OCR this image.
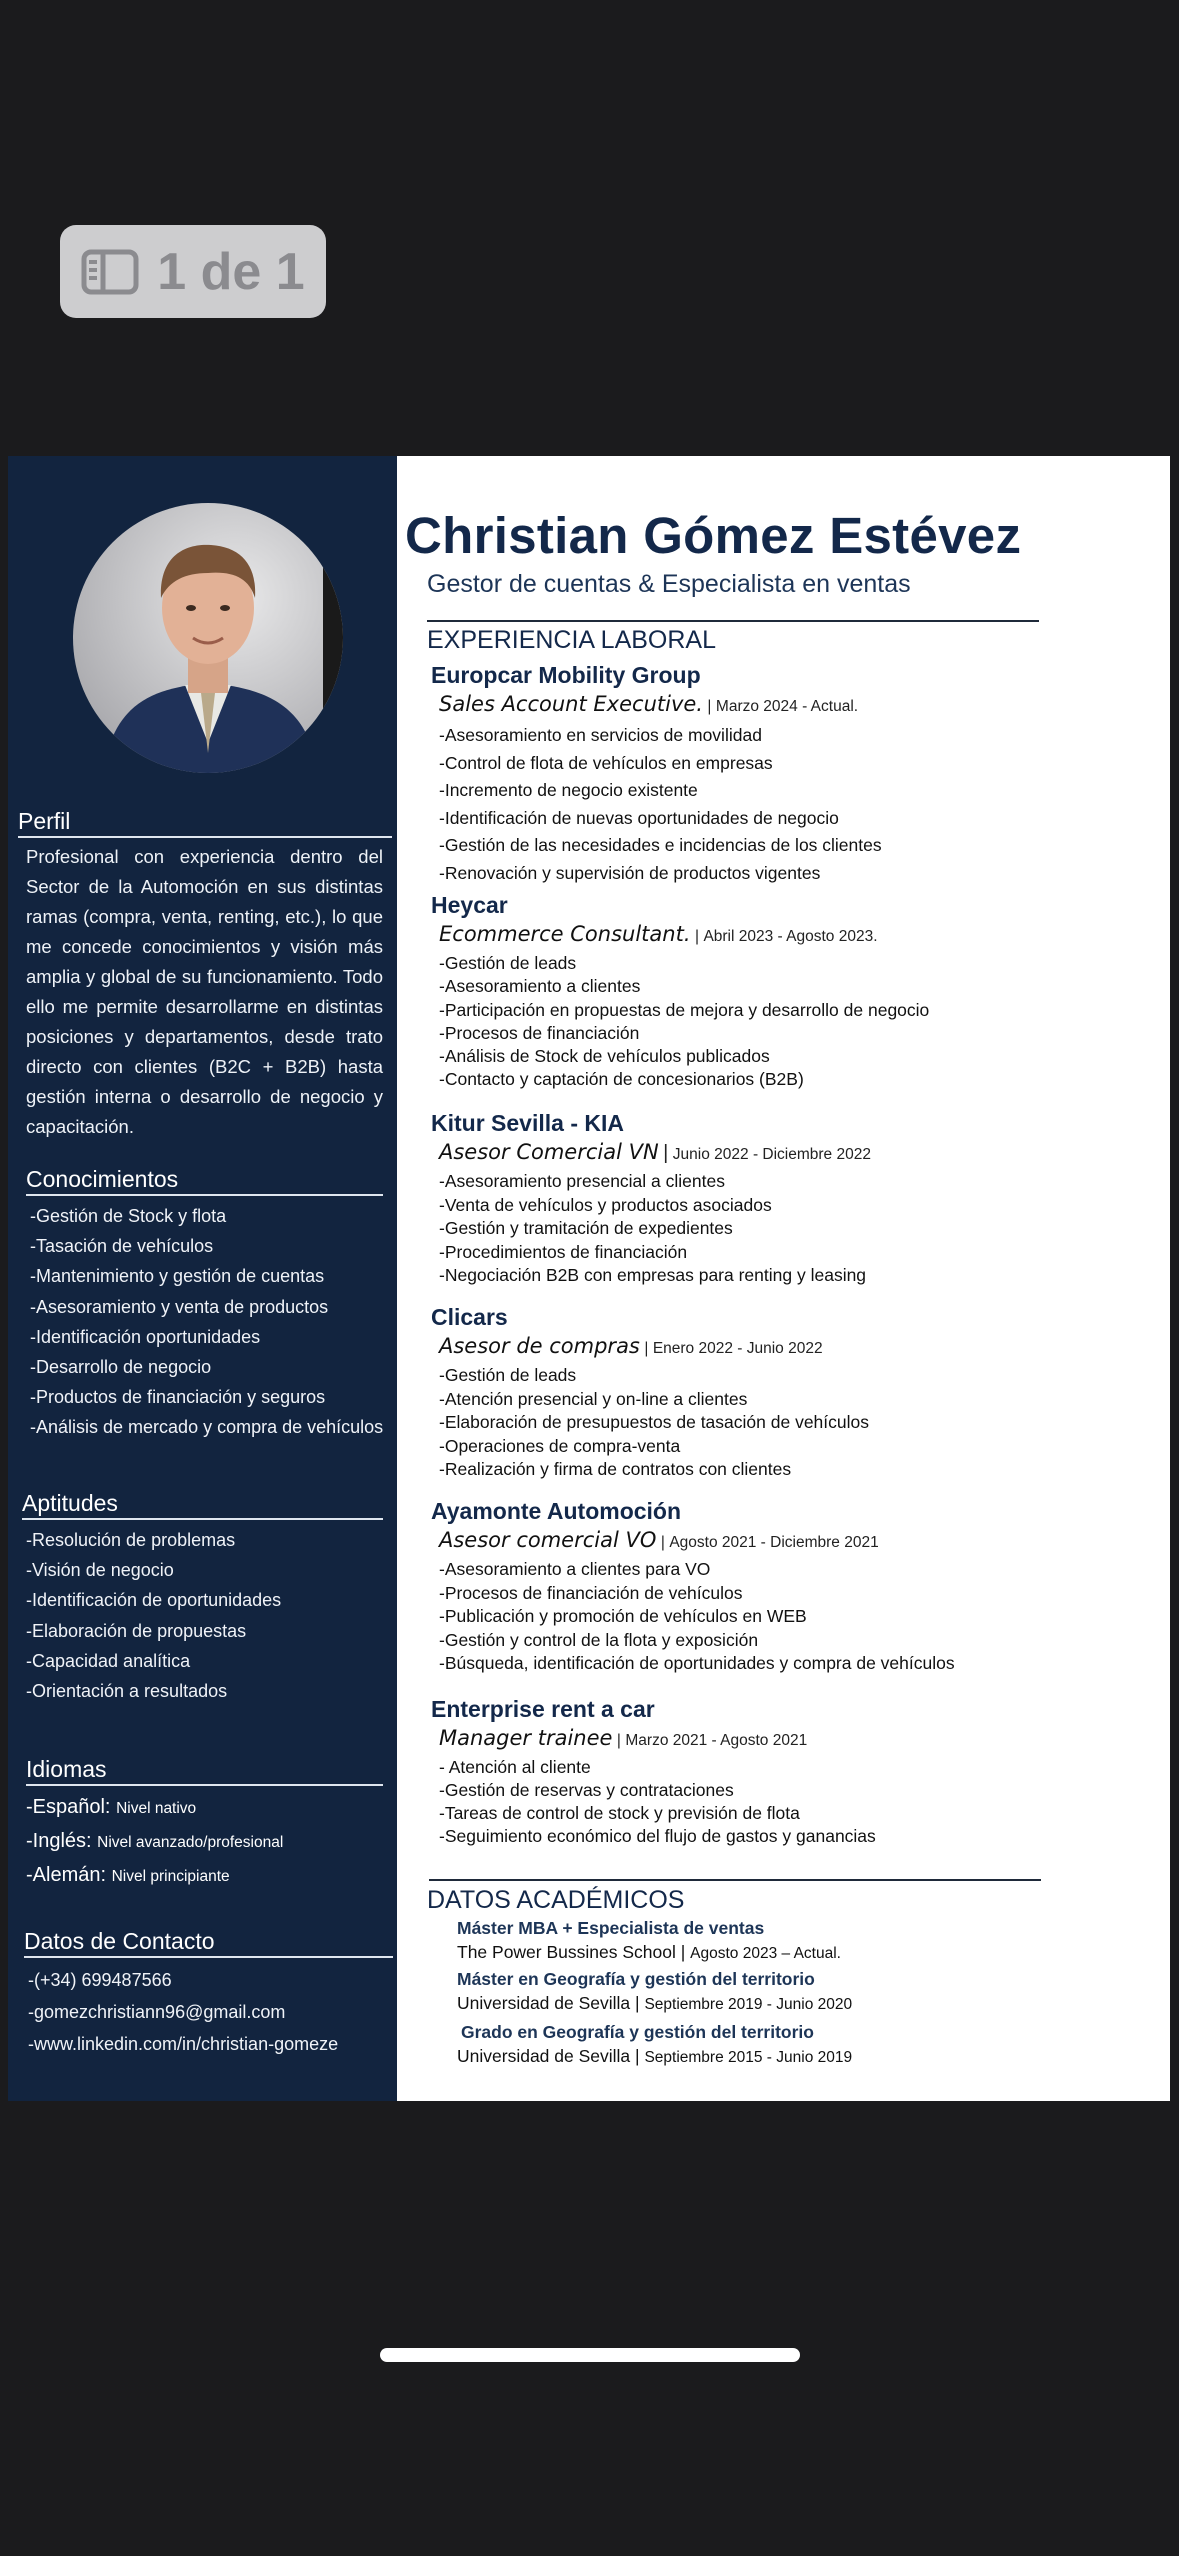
1 de 1
Perfil
Profesional con experiencia dentro del Sector de la Automoción en sus distintas ramas (compra, venta, renting, etc.), lo que me concede conocimientos y visión más amplia y global de su funcionamiento. Todo ello me permite desarrollarme en distintas posiciones y departamentos, desde trato directo con clientes (B2C + B2B) hasta gestión interna o desarrollo de negocio y capacitación.
Conocimientos
-Gestión de Stock y flota
-Tasación de vehículos
-Mantenimiento y gestión de cuentas
-Asesoramiento y venta de productos
-Identificación oportunidades
-Desarrollo de negocio
-Productos de financiación y seguros
-Análisis de mercado y compra de vehículos
Aptitudes
-Resolución de problemas
-Visión de negocio
-Identificación de oportunidades
-Elaboración de propuestas
-Capacidad analítica
-Orientación a resultados
Idiomas
-Español: Nivel nativo
-Inglés: Nivel avanzado/profesional
-Alemán: Nivel principiante
Datos de Contacto
-(+34) 699487566
-gomezchristiann96@gmail.com
-www.linkedin.com/in/christian-gomeze
Christian Gómez Estévez
Gestor de cuentas & Especialista en ventas
EXPERIENCIA LABORAL
Europcar Mobility Group
Sales Account Executive. | Marzo 2024 - Actual.
-Asesoramiento en servicios de movilidad
-Control de flota de vehículos en empresas
-Incremento de negocio existente
-Identificación de nuevas oportunidades de negocio
-Gestión de las necesidades e incidencias de los clientes
-Renovación y supervisión de productos vigentes
Heycar
Ecommerce Consultant. | Abril 2023 - Agosto 2023.
-Gestión de leads
-Asesoramiento a clientes
-Participación en propuestas de mejora y desarrollo de negocio
-Procesos de financiación
-Análisis de Stock de vehículos publicados
-Contacto y captación de concesionarios (B2B)
Kitur Sevilla - KIA
Asesor Comercial VN | Junio 2022 - Diciembre 2022
-Asesoramiento presencial a clientes
-Venta de vehículos y productos asociados
-Gestión y tramitación de expedientes
-Procedimientos de financiación
-Negociación B2B con empresas para renting y leasing
Clicars
Asesor de compras | Enero 2022 - Junio 2022
-Gestión de leads
-Atención presencial y on-line a clientes
-Elaboración de presupuestos de tasación de vehículos
-Operaciones de compra-venta
-Realización y firma de contratos con clientes
Ayamonte Automoción
Asesor comercial VO | Agosto 2021 - Diciembre 2021
-Asesoramiento a clientes para VO
-Procesos de financiación de vehículos
-Publicación y promoción de vehículos en WEB
-Gestión y control de la flota y exposición
-Búsqueda, identificación de oportunidades y compra de vehículos
Enterprise rent a car
Manager trainee | Marzo 2021 - Agosto 2021
- Atención al cliente
-Gestión de reservas y contrataciones
-Tareas de control de stock y previsión de flota
-Seguimiento económico del flujo de gastos y ganancias
DATOS ACADÉMICOS
Máster MBA + Especialista de ventas
The Power Bussines School | Agosto 2023 – Actual.
Máster en Geografía y gestión del territorio
Universidad de Sevilla | Septiembre 2019 - Junio 2020
Grado en Geografía y gestión del territorio
Universidad de Sevilla | Septiembre 2015 - Junio 2019
